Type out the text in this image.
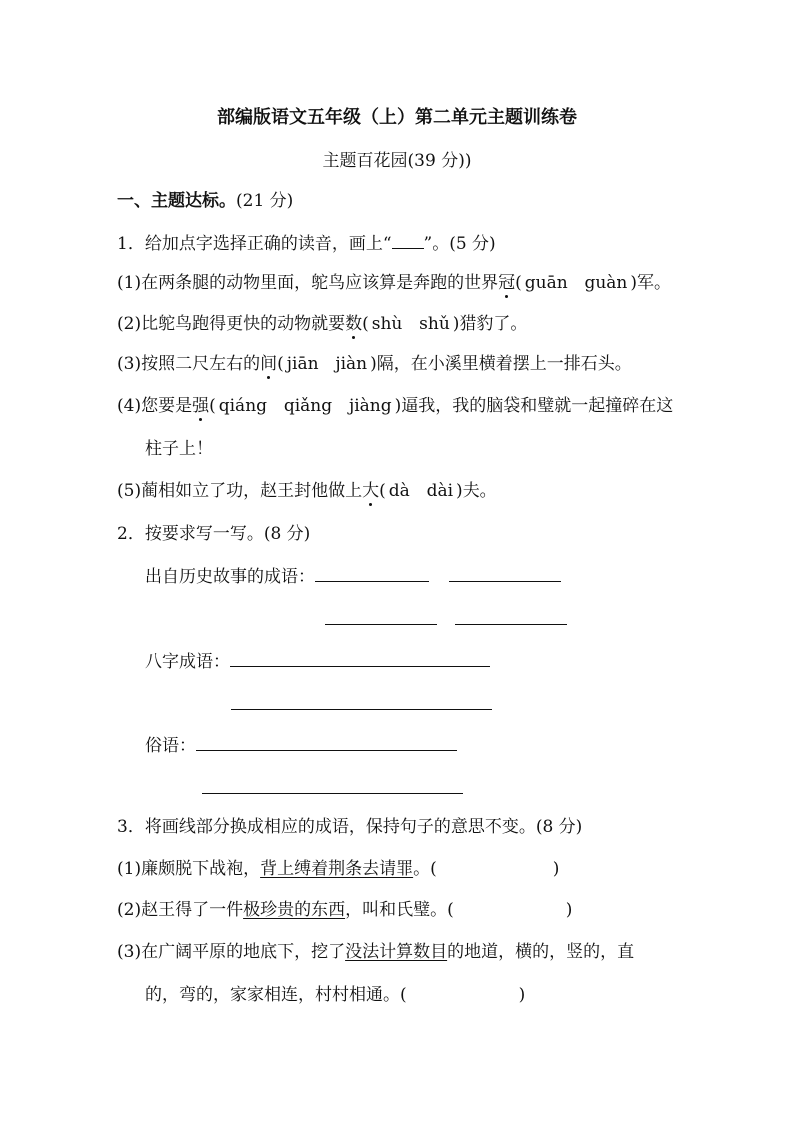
部编版语文五年级（上）第二单元主题训练卷
主题百花园(39 分))
一、主题达标。(21 分)
1．给加点字选择正确的读音，画上“ ”。(5 分)
(1)在两条腿的动物里面，鸵鸟应该算是奔跑的世界冠( guān guàn )军。
(2)比鸵鸟跑得更快的动物就要数( shù shǔ )猎豹了。
(3)按照二尺左右的间( jiān jiàn )隔，在小溪里横着摆上一排石头。
(4)您要是强( qiáng qiǎng jiàng )逼我，我的脑袋和璧就一起撞碎在这
柱子上！
(5)蔺相如立了功，赵王封他做上大( dà dài )夫。
2．按要求写一写。(8 分)
出自历史故事的成语：
八字成语：
俗语：
3．将画线部分换成相应的成语，保持句子的意思不变。(8 分)
(1)廉颇脱下战袍，背上缚着荆条去请罪。(	)
(2)赵王得了一件极珍贵的东西，叫和氏璧。(	)
(3)在广阔平原的地底下，挖了没法计算数目的地道，横的，竖的，直
的，弯的，家家相连，村村相通。(	)
